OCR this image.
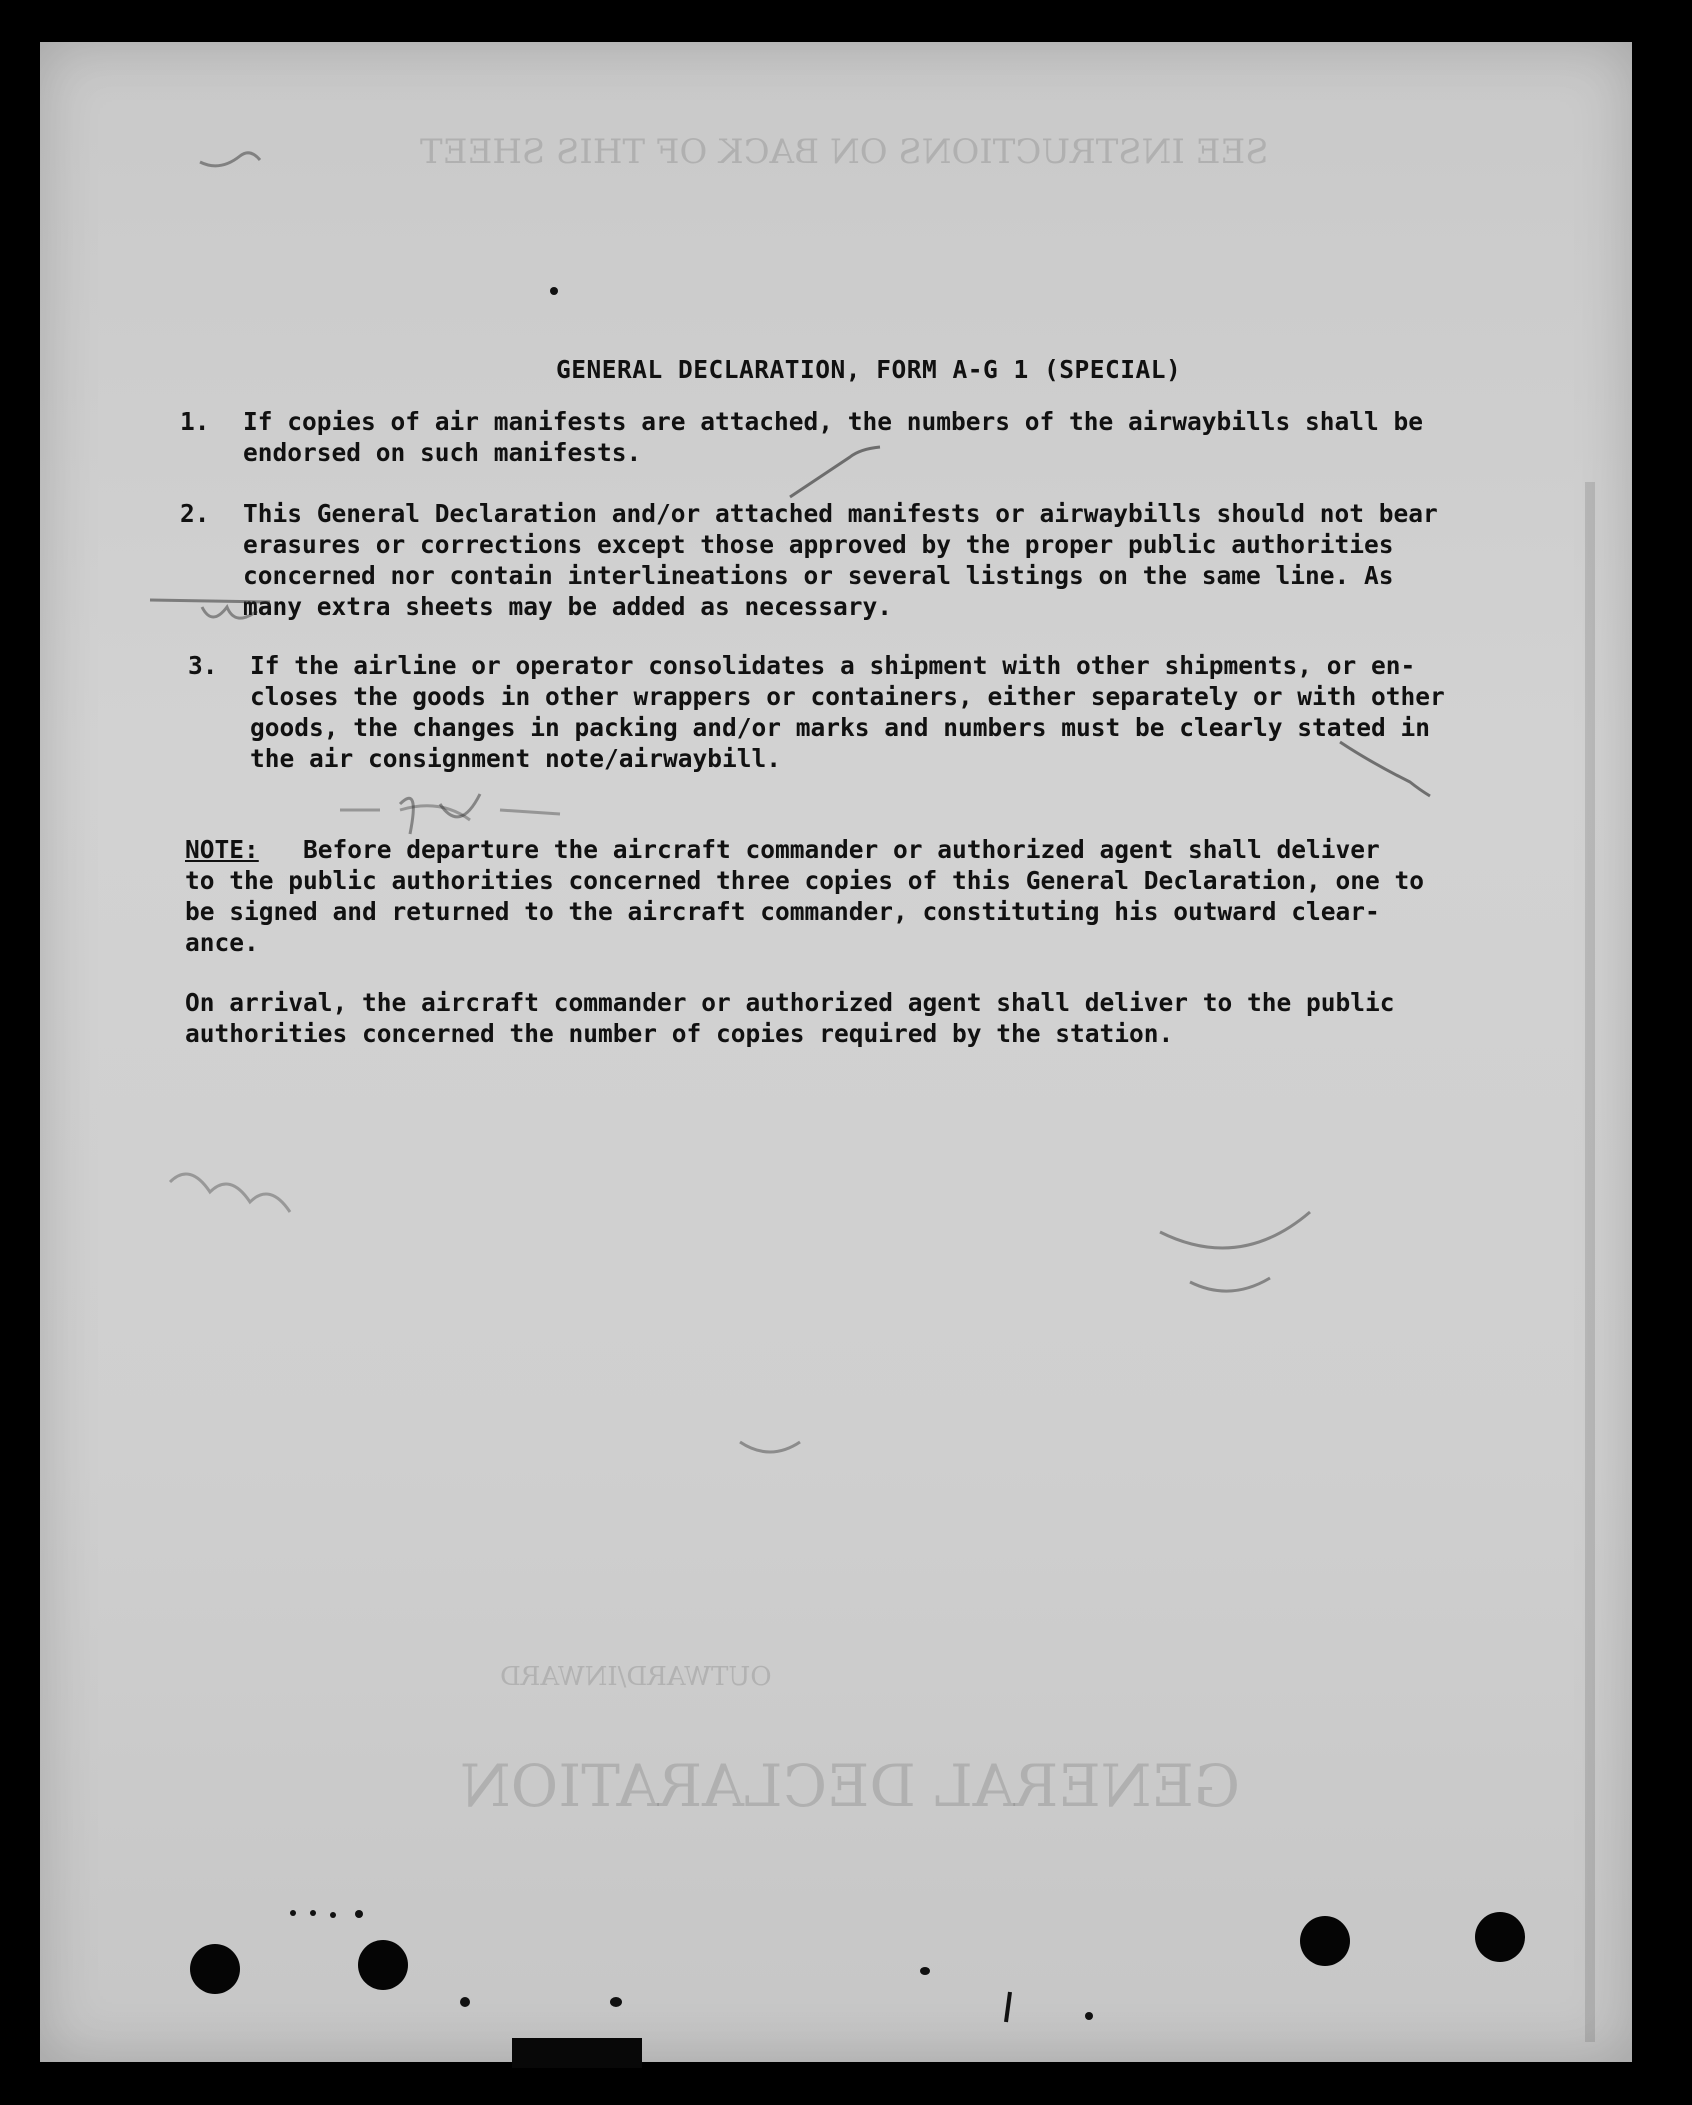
SEE INSTRUCTIONS ON BACK OF THIS SHEET
GENERAL DECLARATION
OUTWARD/INWARD
GENERAL DECLARATION, FORM A-G 1 (SPECIAL)
1. If copies of air manifests are attached, the numbers of the airwaybills shall be
endorsed on such manifests.
2. This General Declaration and/or attached manifests or airwaybills should not bear
erasures or corrections except those approved by the proper public authorities
concerned nor contain interlineations or several listings on the same line. As
many extra sheets may be added as necessary.
3. If the airline or operator consolidates a shipment with other shipments, or en-
closes the goods in other wrappers or containers, either separately or with other
goods, the changes in packing and/or marks and numbers must be clearly stated in
the air consignment note/airwaybill.
NOTE:   Before departure the aircraft commander or authorized agent shall deliver
to the public authorities concerned three copies of this General Declaration, one to
be signed and returned to the aircraft commander, constituting his outward clear-
ance.
On arrival, the aircraft commander or authorized agent shall deliver to the public
authorities concerned the number of copies required by the station.
